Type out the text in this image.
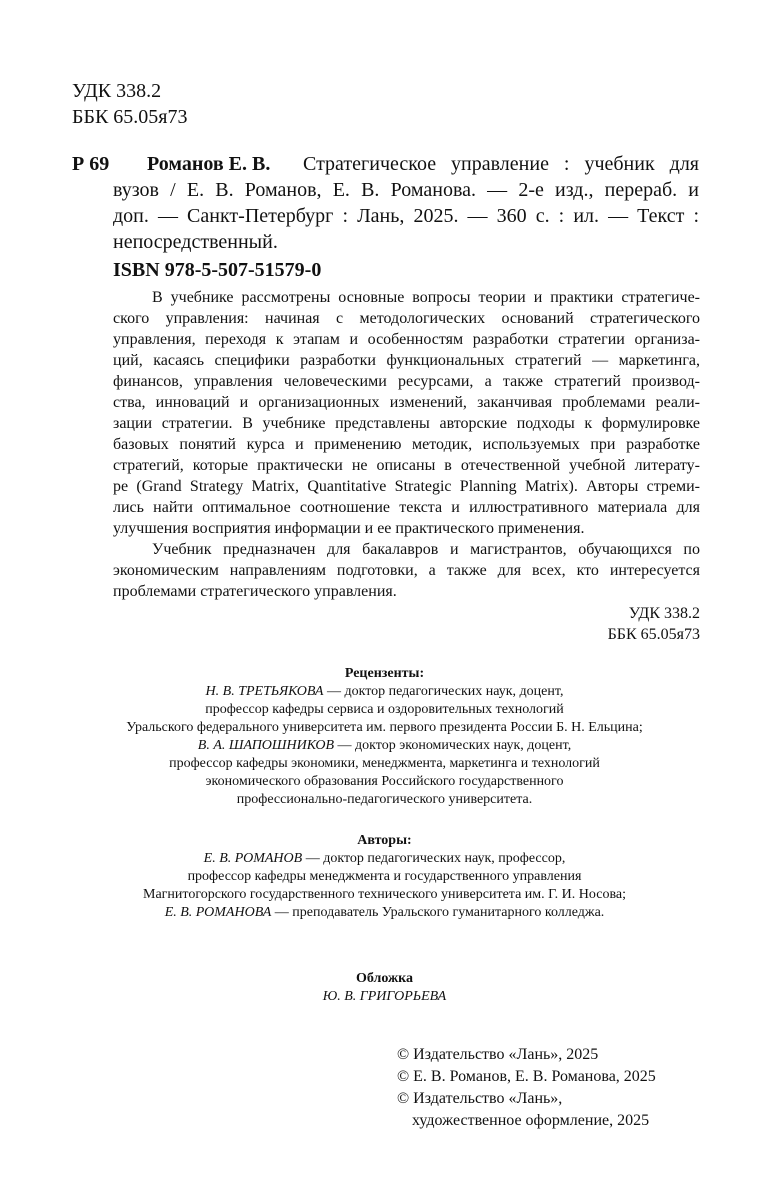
УДК 338.2
ББК 65.05я73
Р 69 Романов Е. В. Стратегическое управление : учебник для
вузов / Е. В. Романов, Е. В. Романова. — 2-е изд., перераб. и
доп. — Санкт-Петербург : Лань, 2025. — 360 с. : ил. — Текст :
непосредственный.
ISBN 978-5-507-51579-0
В учебнике рассмотрены основные вопросы теории и практики стратегиче-
ского управления: начиная с методологических оснований стратегического
управления, переходя к этапам и особенностям разработки стратегии организа-
ций, касаясь специфики разработки функциональных стратегий — маркетинга,
финансов, управления человеческими ресурсами, а также стратегий производ-
ства, инноваций и организационных изменений, заканчивая проблемами реали-
зации стратегии. В учебнике представлены авторские подходы к формулировке
базовых понятий курса и применению методик, используемых при разработке
стратегий, которые практически не описаны в отечественной учебной литерату-
ре (Grand Strategy Matrix, Quantitative Strategic Planning Matrix). Авторы стреми-
лись найти оптимальное соотношение текста и иллюстративного материала для
улучшения восприятия информации и ее практического применения.
Учебник предназначен для бакалавров и магистрантов, обучающихся по
экономическим направлениям подготовки, а также для всех, кто интересуется
проблемами стратегического управления.
УДК 338.2
ББК 65.05я73
Рецензенты:
Н. В. ТРЕТЬЯКОВА — доктор педагогических наук, доцент,
профессор кафедры сервиса и оздоровительных технологий
Уральского федерального университета им. первого президента России Б. Н. Ельцина;
В. А. ШАПОШНИКОВ — доктор экономических наук, доцент,
профессор кафедры экономики, менеджмента, маркетинга и технологий
экономического образования Российского государственного
профессионально-педагогического университета.
Авторы:
Е. В. РОМАНОВ — доктор педагогических наук, профессор,
профессор кафедры менеджмента и государственного управления
Магнитогорского государственного технического университета им. Г. И. Носова;
Е. В. РОМАНОВА — преподаватель Уральского гуманитарного колледжа.
Обложка
Ю. В. ГРИГОРЬЕВА
© Издательство «Лань», 2025
© Е. В. Романов, Е. В. Романова, 2025
© Издательство «Лань»,
художественное оформление, 2025
